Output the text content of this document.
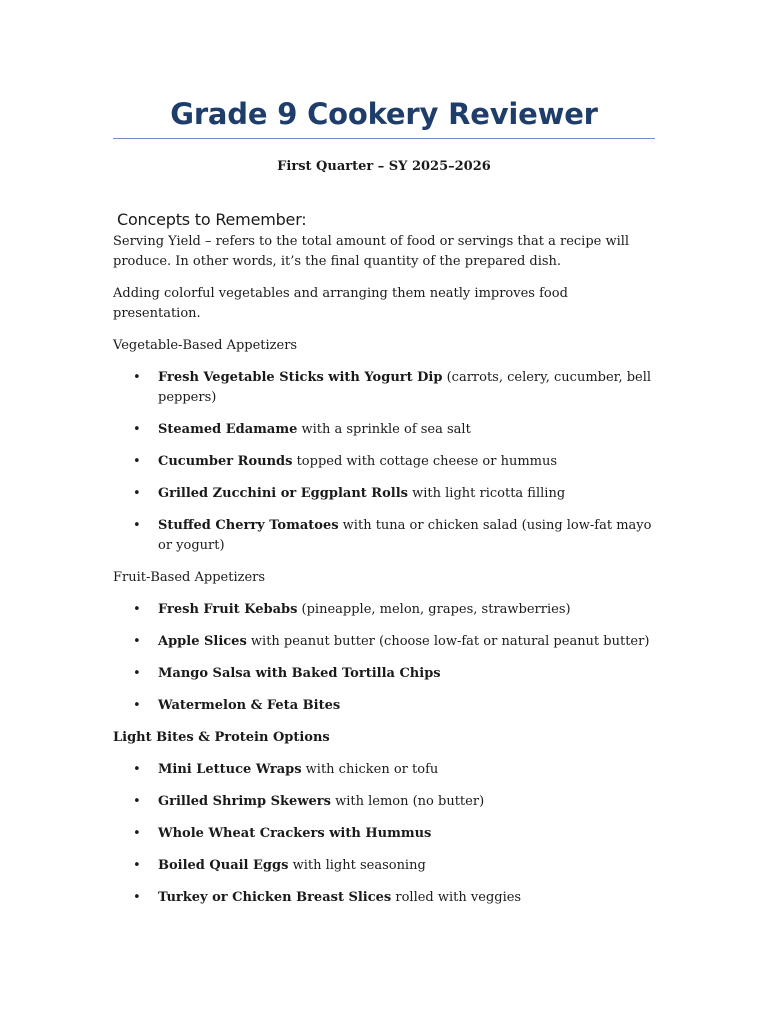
Grade 9 Cookery Reviewer
First Quarter – SY 2025–2026
Concepts to Remember:

Serving Yield – refers to the total amount of food or servings that a recipe will produce. In other words, it’s the final quantity of the prepared dish.

Adding colorful vegetables and arranging them neatly improves food presentation.

Vegetable-Based Appetizers
• Fresh Vegetable Sticks with Yogurt Dip (carrots, celery, cucumber, bell peppers)
• Steamed Edamame with a sprinkle of sea salt
• Cucumber Rounds topped with cottage cheese or hummus
• Grilled Zucchini or Eggplant Rolls with light ricotta filling
• Stuffed Cherry Tomatoes with tuna or chicken salad (using low-fat mayo or yogurt)
Fruit-Based Appetizers
• Fresh Fruit Kebabs (pineapple, melon, grapes, strawberries)
• Apple Slices with peanut butter (choose low-fat or natural peanut butter)
• Mango Salsa with Baked Tortilla Chips
• Watermelon & Feta Bites
Light Bites & Protein Options
• Mini Lettuce Wraps with chicken or tofu
• Grilled Shrimp Skewers with lemon (no butter)
• Whole Wheat Crackers with Hummus
• Boiled Quail Eggs with light seasoning
• Turkey or Chicken Breast Slices rolled with veggies
